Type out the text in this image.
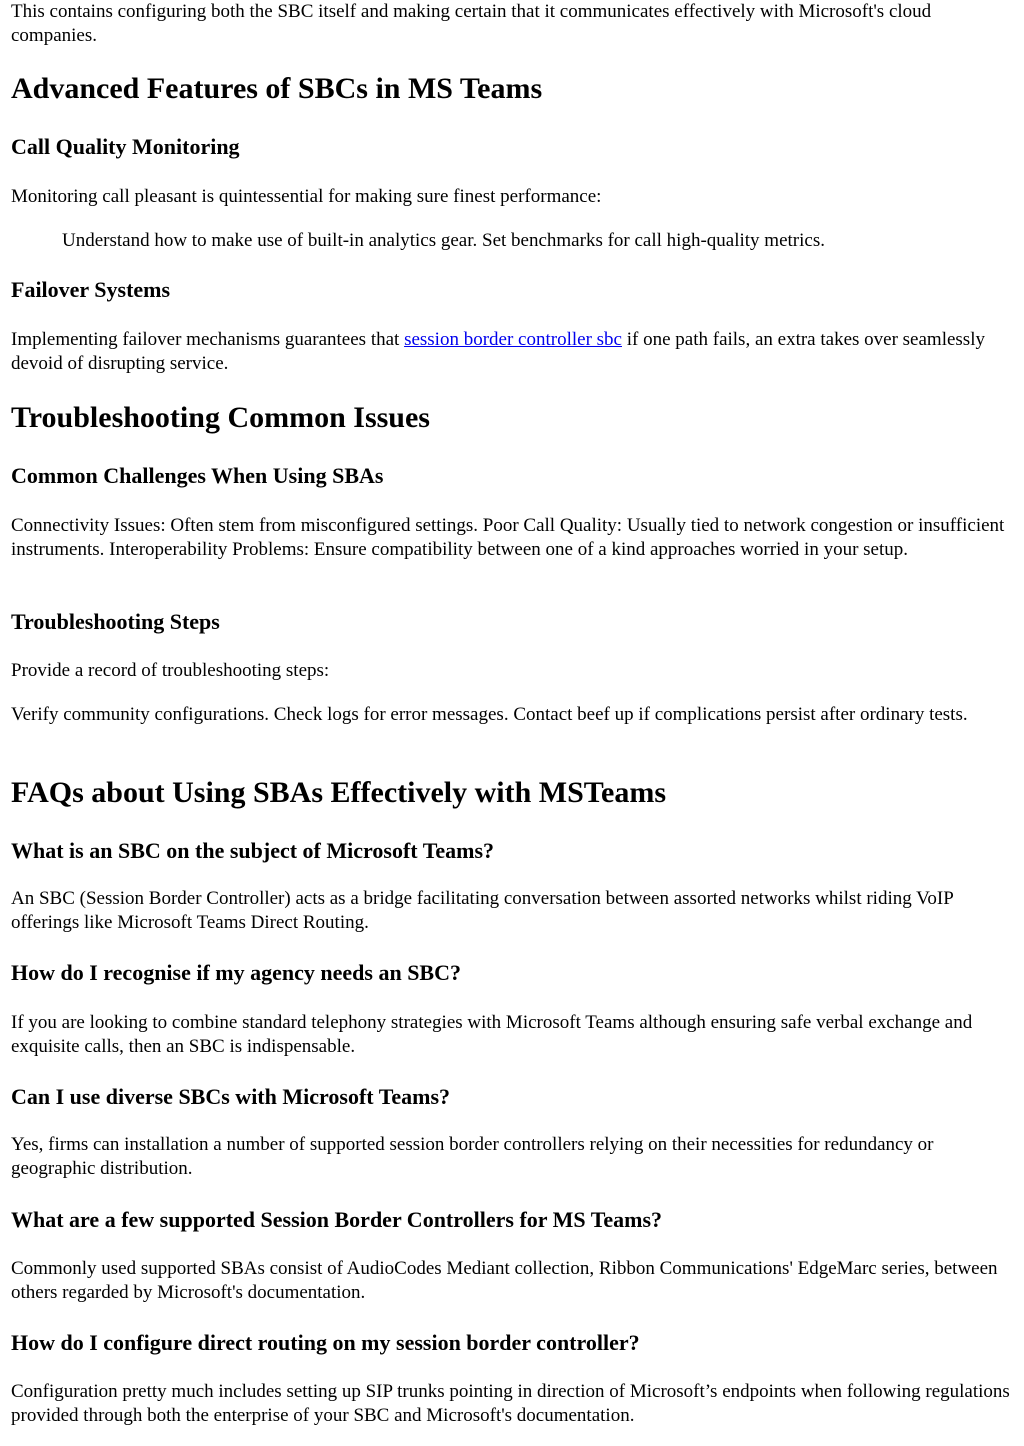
This contains configuring both the SBC itself and making certain that it communicates effectively with Microsoft's cloud companies.

Advanced Features of SBCs in MS Teams
Call Quality Monitoring

Monitoring call pleasant is quintessential for making sure finest performance:

Understand how to make use of built-in analytics gear. Set benchmarks for call high-quality metrics.

Failover Systems

Implementing failover mechanisms guarantees that session border controller sbc if one path fails, an extra takes over seamlessly devoid of disrupting service.

Troubleshooting Common Issues
Common Challenges When Using SBAs

Connectivity Issues: Often stem from misconfigured settings. Poor Call Quality: Usually tied to network congestion or insufficient instruments. Interoperability Problems: Ensure compatibility between one of a kind approaches worried in your setup.

Troubleshooting Steps

Provide a record of troubleshooting steps:

Verify community configurations. Check logs for error messages. Contact beef up if complications persist after ordinary tests.

FAQs about Using SBAs Effectively with MSTeams
What is an SBC on the subject of Microsoft Teams?

An SBC (Session Border Controller) acts as a bridge facilitating conversation between assorted networks whilst riding VoIP offerings like Microsoft Teams Direct Routing.

How do I recognise if my agency needs an SBC?

If you are looking to combine standard telephony strategies with Microsoft Teams although ensuring safe verbal exchange and exquisite calls, then an SBC is indispensable.

Can I use diverse SBCs with Microsoft Teams?

Yes, firms can installation a number of supported session border controllers relying on their necessities for redundancy or geographic distribution.

What are a few supported Session Border Controllers for MS Teams?

Commonly used supported SBAs consist of AudioCodes Mediant collection, Ribbon Communications' EdgeMarc series, between others regarded by Microsoft's documentation.

How do I configure direct routing on my session border controller?

Configuration pretty much includes setting up SIP trunks pointing in direction of Microsoft’s endpoints when following regulations provided through both the enterprise of your SBC and Microsoft's documentation.
